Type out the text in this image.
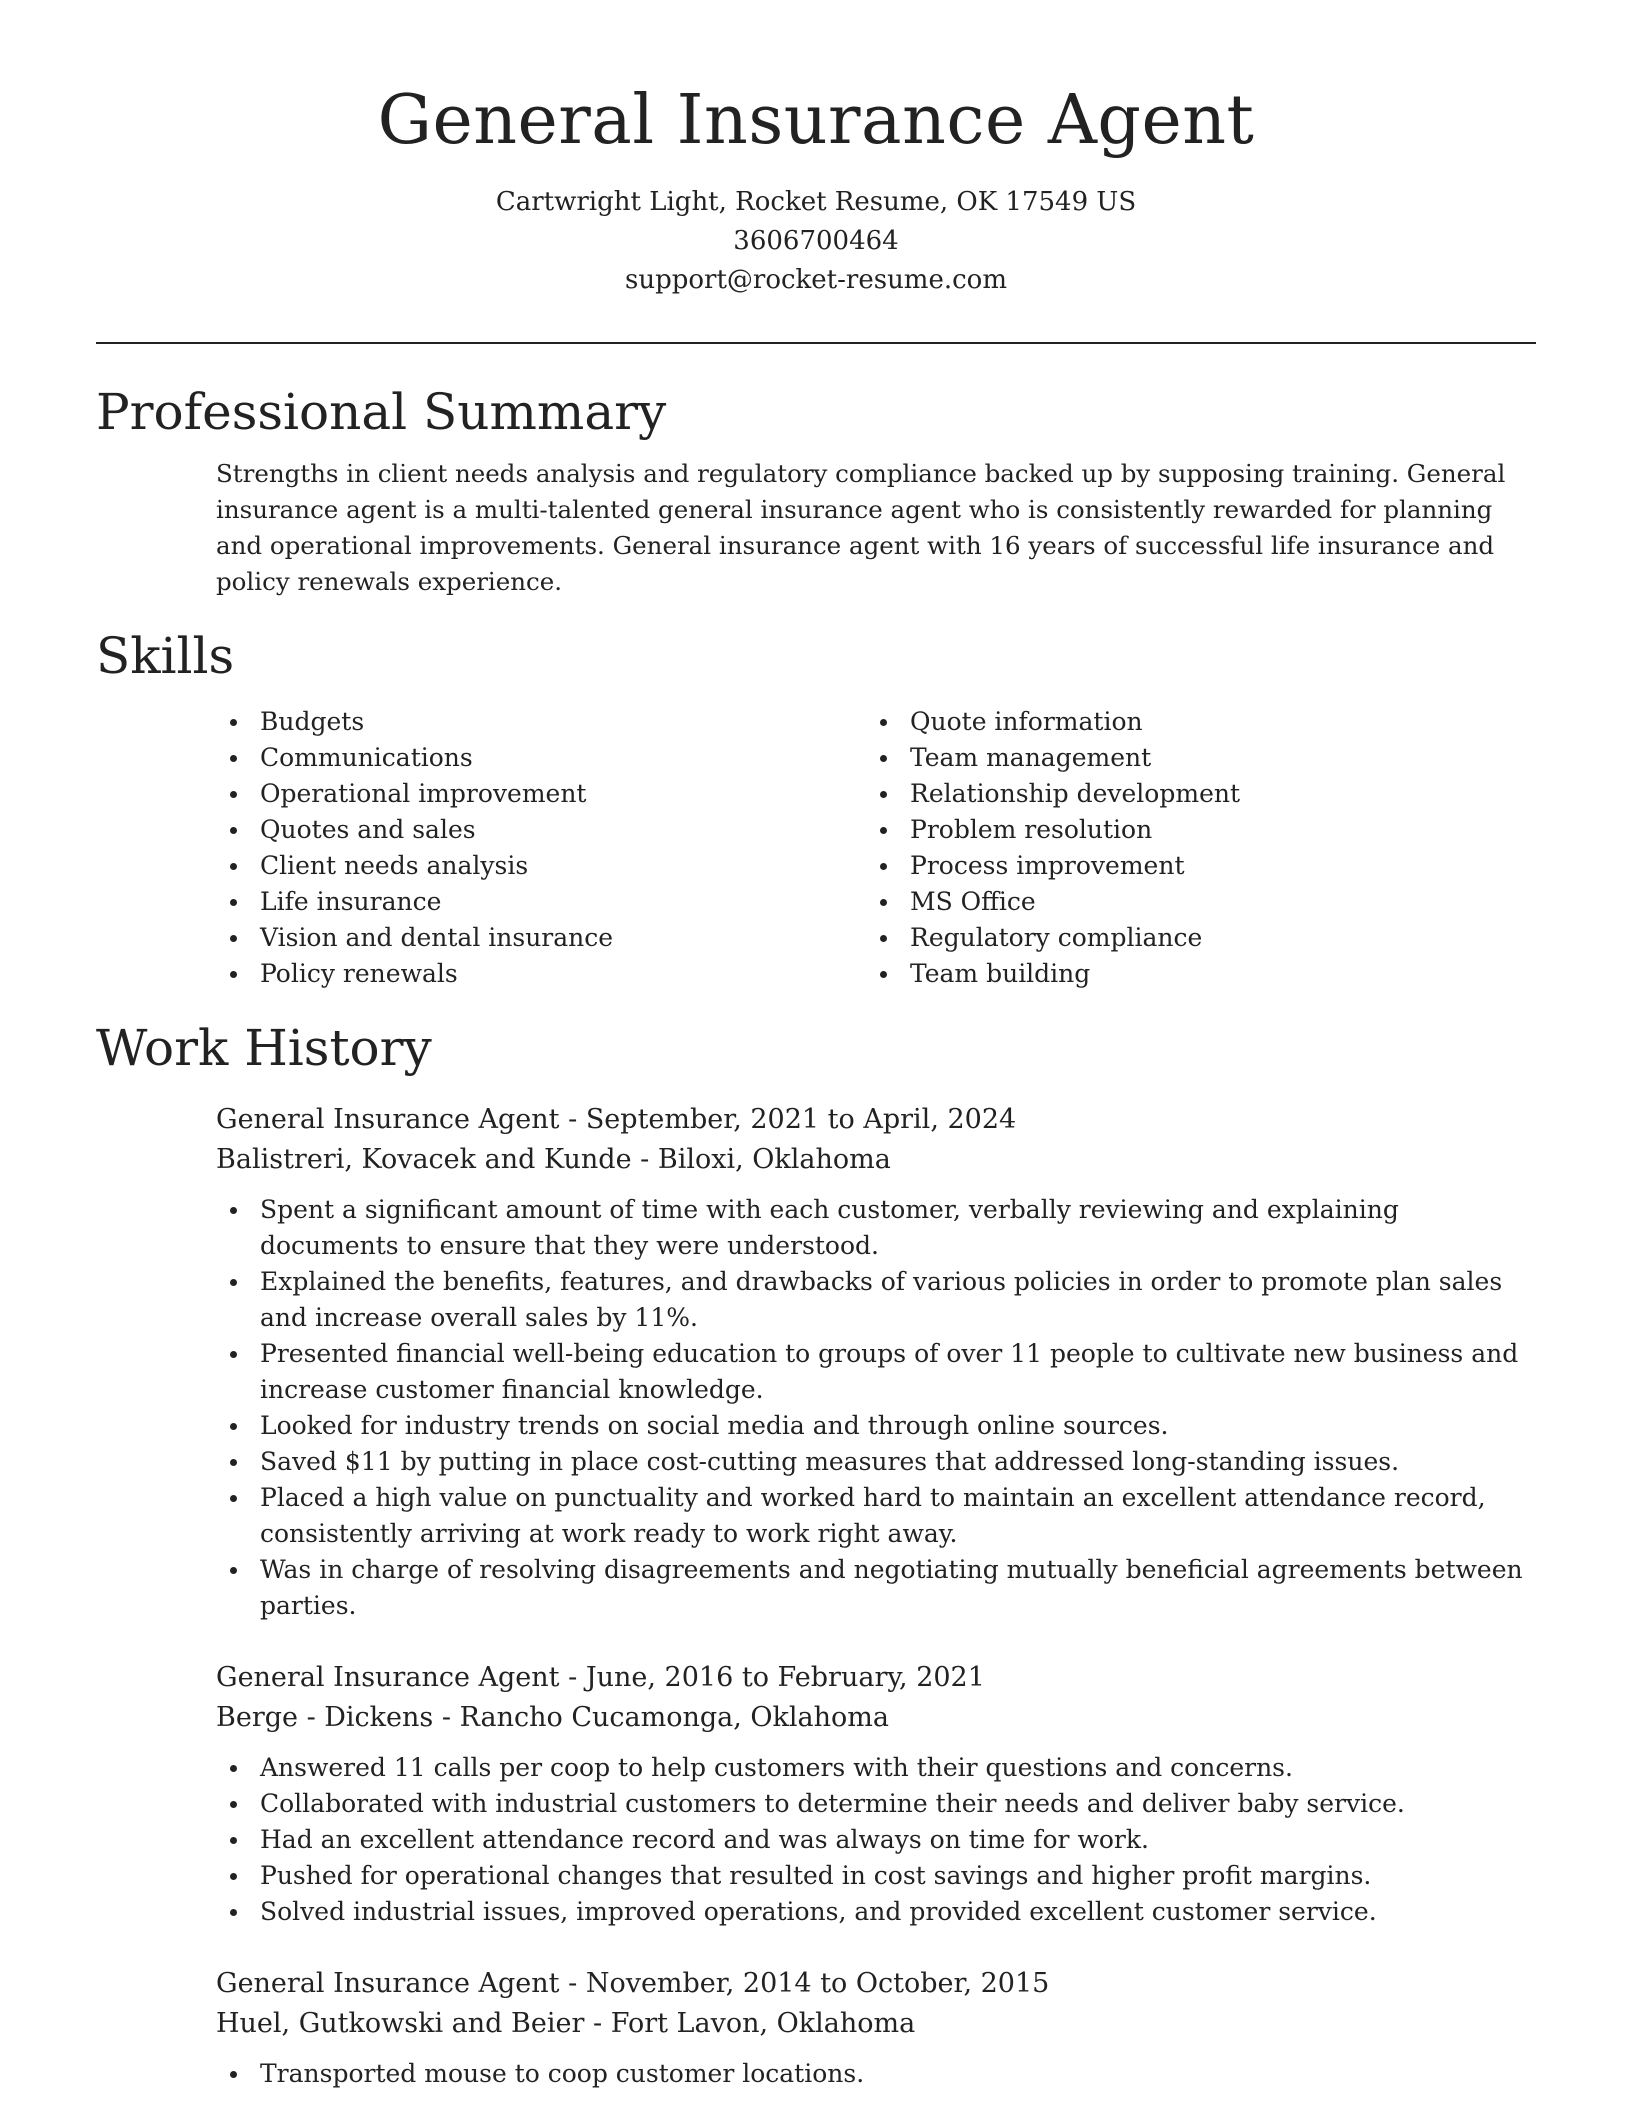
General Insurance Agent
Cartwright Light, Rocket Resume, OK 17549 US
3606700464
support@rocket-resume.com
Professional Summary

Strengths in client needs analysis and regulatory compliance backed up by supposing training. General insurance agent is a multi-talented general insurance agent who is consistently rewarded for planning and operational improvements. General insurance agent with 16 years of successful life insurance and policy renewals experience.

Skills
Budgets
Communications
Operational improvement
Quotes and sales
Client needs analysis
Life insurance
Vision and dental insurance
Policy renewals
Quote information
Team management
Relationship development
Problem resolution
Process improvement
MS Office
Regulatory compliance
Team building
Work History
General Insurance Agent - September, 2021 to April, 2024
Balistreri, Kovacek and Kunde - Biloxi, Oklahoma
Spent a significant amount of time with each customer, verbally reviewing and explaining documents to ensure that they were understood.
Explained the benefits, features, and drawbacks of various policies in order to promote plan sales and increase overall sales by 11%.
Presented financial well-being education to groups of over 11 people to cultivate new business and increase customer financial knowledge.
Looked for industry trends on social media and through online sources.
Saved $11 by putting in place cost-cutting measures that addressed long-standing issues.
Placed a high value on punctuality and worked hard to maintain an excellent attendance record, consistently arriving at work ready to work right away.
Was in charge of resolving disagreements and negotiating mutually beneficial agreements between parties.
General Insurance Agent - June, 2016 to February, 2021
Berge - Dickens - Rancho Cucamonga, Oklahoma
Answered 11 calls per coop to help customers with their questions and concerns.
Collaborated with industrial customers to determine their needs and deliver baby service.
Had an excellent attendance record and was always on time for work.
Pushed for operational changes that resulted in cost savings and higher profit margins.
Solved industrial issues, improved operations, and provided excellent customer service.
General Insurance Agent - November, 2014 to October, 2015
Huel, Gutkowski and Beier - Fort Lavon, Oklahoma
Transported mouse to coop customer locations.
